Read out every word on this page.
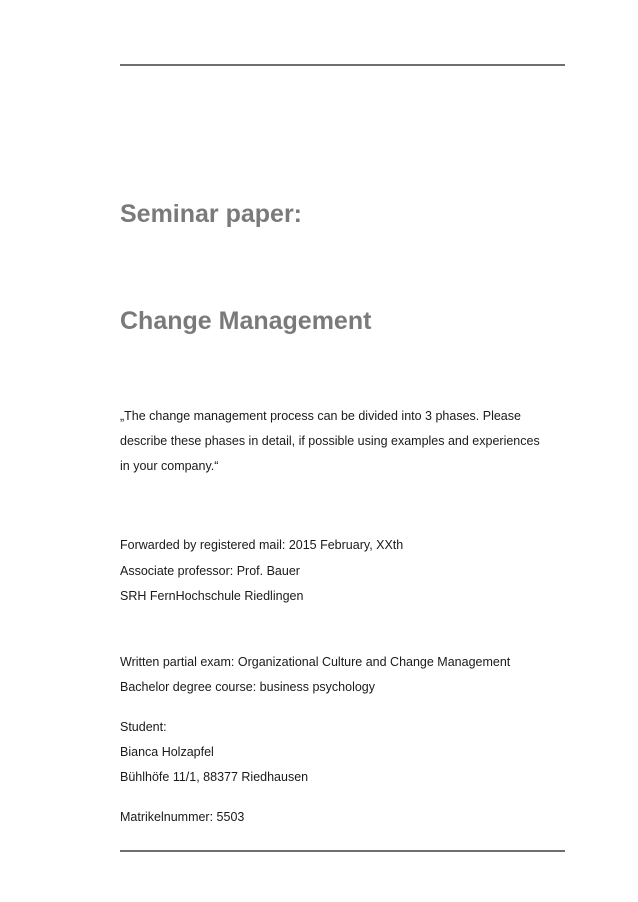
Seminar paper:
Change Management

„The change management process can be divided into 3 phases. Please
describe these phases in detail, if possible using examples and experiences
in your company.“

Forwarded by registered mail: 2015 February, XXth

Associate professor: Prof. Bauer

SRH FernHochschule Riedlingen

Written partial exam: Organizational Culture and Change Management

Bachelor degree course: business psychology

Student:

Bianca Holzapfel

Bühlhöfe 11/1, 88377 Riedhausen

Matrikelnummer: 5503
